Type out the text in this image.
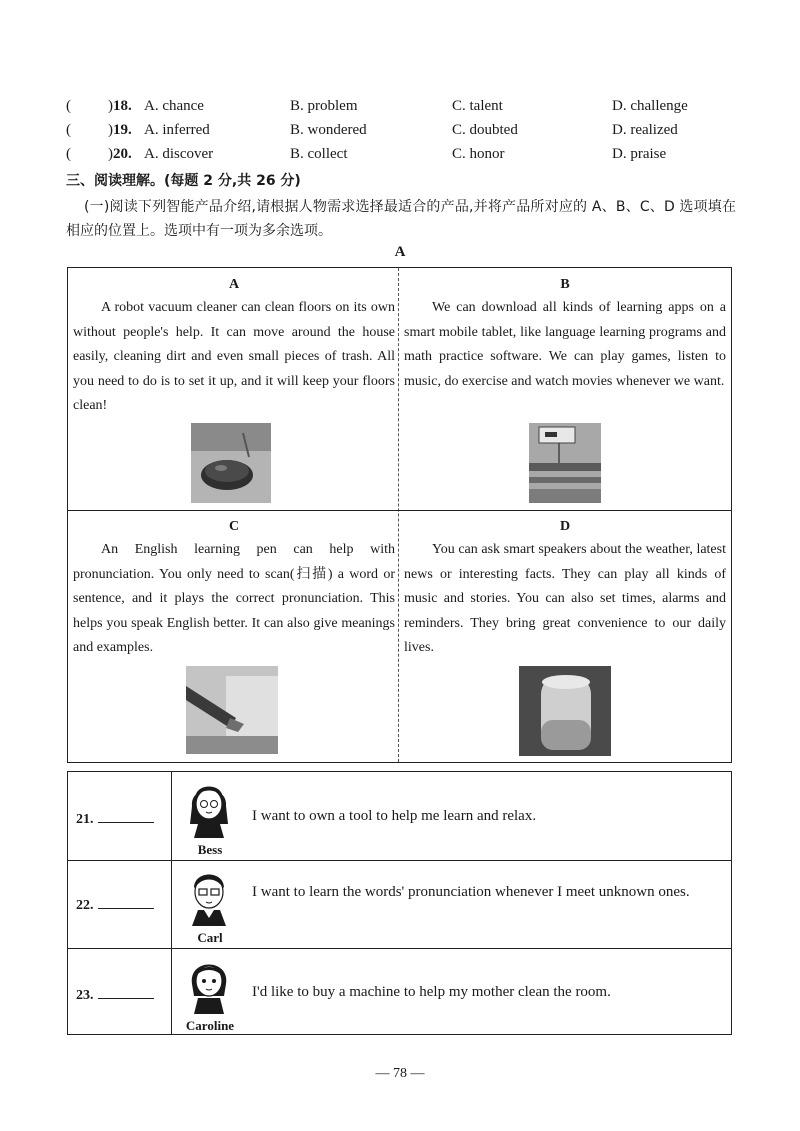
( )18. A. chance	B. problem	C. talent	D. challenge
( )19. A. inferred	B. wondered	C. doubted	D. realized
( )20. A. discover	B. collect	C. honor	D. praise
三、阅读理解。(每题 2 分,共 26 分)

(一)阅读下列智能产品介绍,请根据人物需求选择最适合的产品,并将产品所对应的 A、B、C、D 选项填在相应的位置上。选项中有一项为多余选项。

A
A

A robot vacuum cleaner can clean floors on its own without people's help. It can move around the house easily, cleaning dirt and even small pieces of trash. All you need to do is to set it up, and it will keep your floors clean!

B

We can download all kinds of learning apps on a smart mobile tablet, like language learning programs and math practice software. We can play games, listen to music, do exercise and watch movies whenever we want.

C

An English learning pen can help with pronunciation. You only need to scan(扫描) a word or sentence, and it plays the correct pronunciation. This helps you speak English better. It can also give meanings and examples.

D

You can ask smart speakers about the weather, latest news or interesting facts. They can play all kinds of music and stories. You can also set times, alarms and reminders. They bring great convenience to our daily lives.

21.
Bess
I want to own a tool to help me learn and relax.
22.
Carl
I want to learn the words' pronunciation whenever I meet unknown ones.
23.
Caroline
I'd like to buy a machine to help my mother clean the room.
— 78 —
